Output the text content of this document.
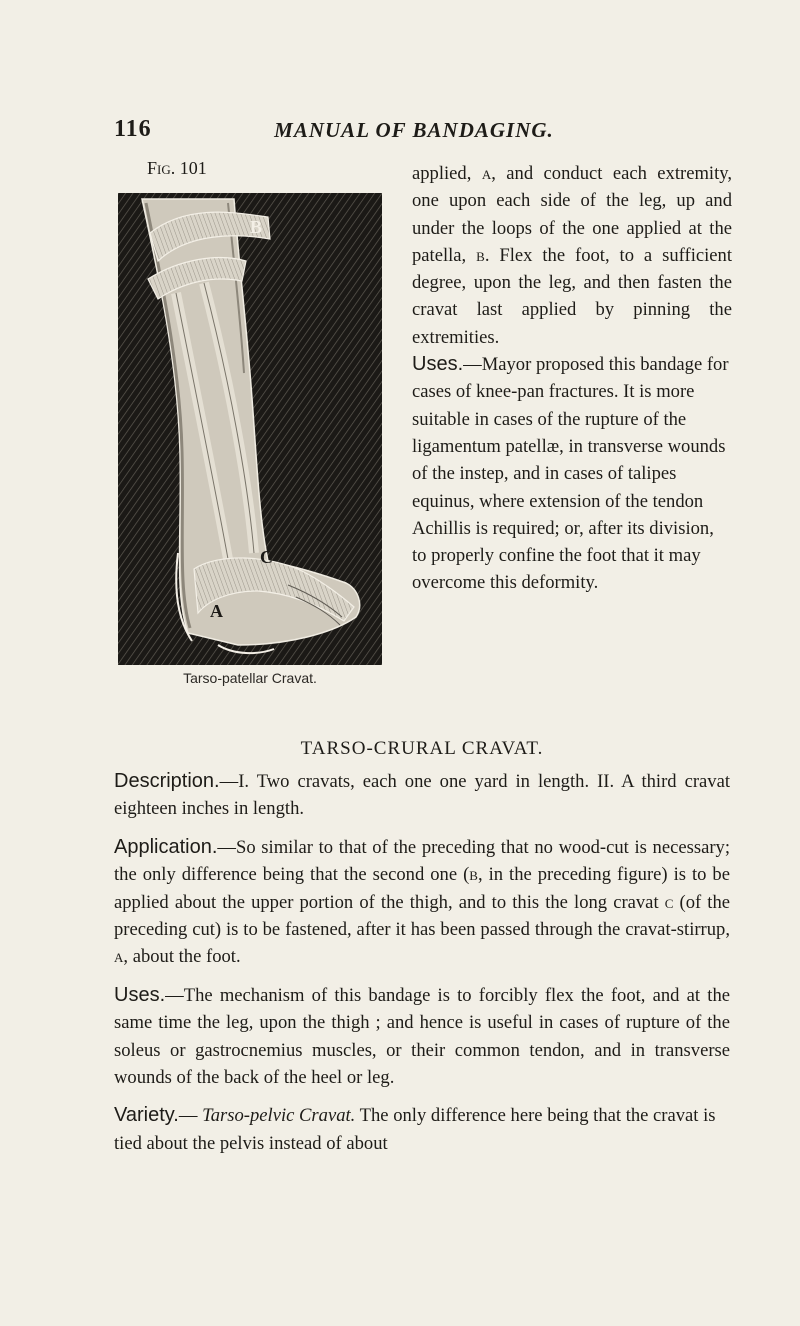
116	MANUAL OF BANDAGING.
Fig. 101
B
C
A
Tarso-patellar Cravat.

applied, a, and conduct each extremity, one upon each side of the leg, up and under the loops of the one applied at the patella, b. Flex the foot, to a sufficient degree, upon the leg, and then fasten the cravat last applied by pinning the extremities.

Uses.—Mayor proposed this bandage for cases of knee-pan fractures. It is more suitable in cases of the rupture of the ligamentum patellæ, in transverse wounds of the instep, and in cases of talipes equinus, where extension of the tendon Achillis is required; or, after its division, to properly confine the foot that it may overcome this deformity.

TARSO-CRURAL CRAVAT.

Description.—I. Two cravats, each one one yard in length. II. A third cravat eighteen inches in length.

Application.—So similar to that of the preceding that no wood-cut is necessary; the only difference being that the second one (b, in the preceding figure) is to be applied about the upper portion of the thigh, and to this the long cravat c (of the preceding cut) is to be fastened, after it has been passed through the cravat-stirrup, a, about the foot.

Uses.—The mechanism of this bandage is to forcibly flex the foot, and at the same time the leg, upon the thigh ; and hence is useful in cases of rupture of the soleus or gastrocnemius muscles, or their common tendon, and in transverse wounds of the back of the heel or leg.

Variety.— Tarso-pelvic Cravat. The only difference here being that the cravat is tied about the pelvis instead of about
